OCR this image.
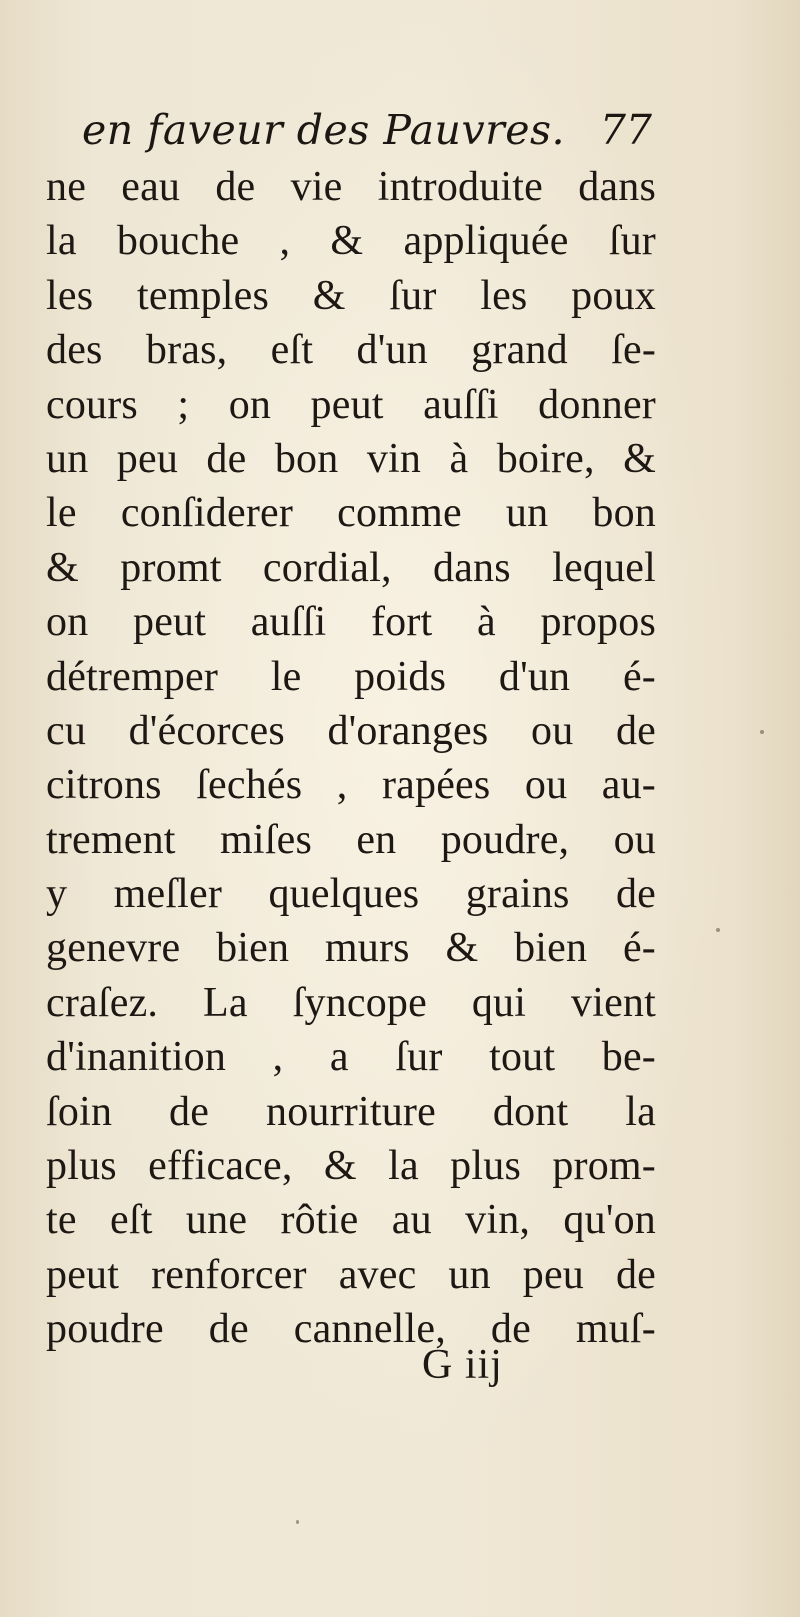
en faveur des Pauvres. 77
ne eau de vie introduite dans
la bouche , & appliquée ſur
les temples & ſur les poux
des bras, eſt d'un grand ſe-
cours ; on peut auſſi donner
un peu de bon vin à boire, &
le conſiderer comme un bon
& promt cordial, dans lequel
on peut auſſi fort à propos
détremper le poids d'un é-
cu d'écorces d'oranges ou de
citrons ſechés , rapées ou au-
trement miſes en poudre, ou
y meſler quelques grains de
genevre bien murs & bien é-
craſez. La ſyncope qui vient
d'inanition , a ſur tout be-
ſoin de nourriture dont la
plus efficace, & la plus prom-
te eſt une rôtie au vin, qu'on
peut renforcer avec un peu de
poudre de cannelle, de muſ-
G iij
